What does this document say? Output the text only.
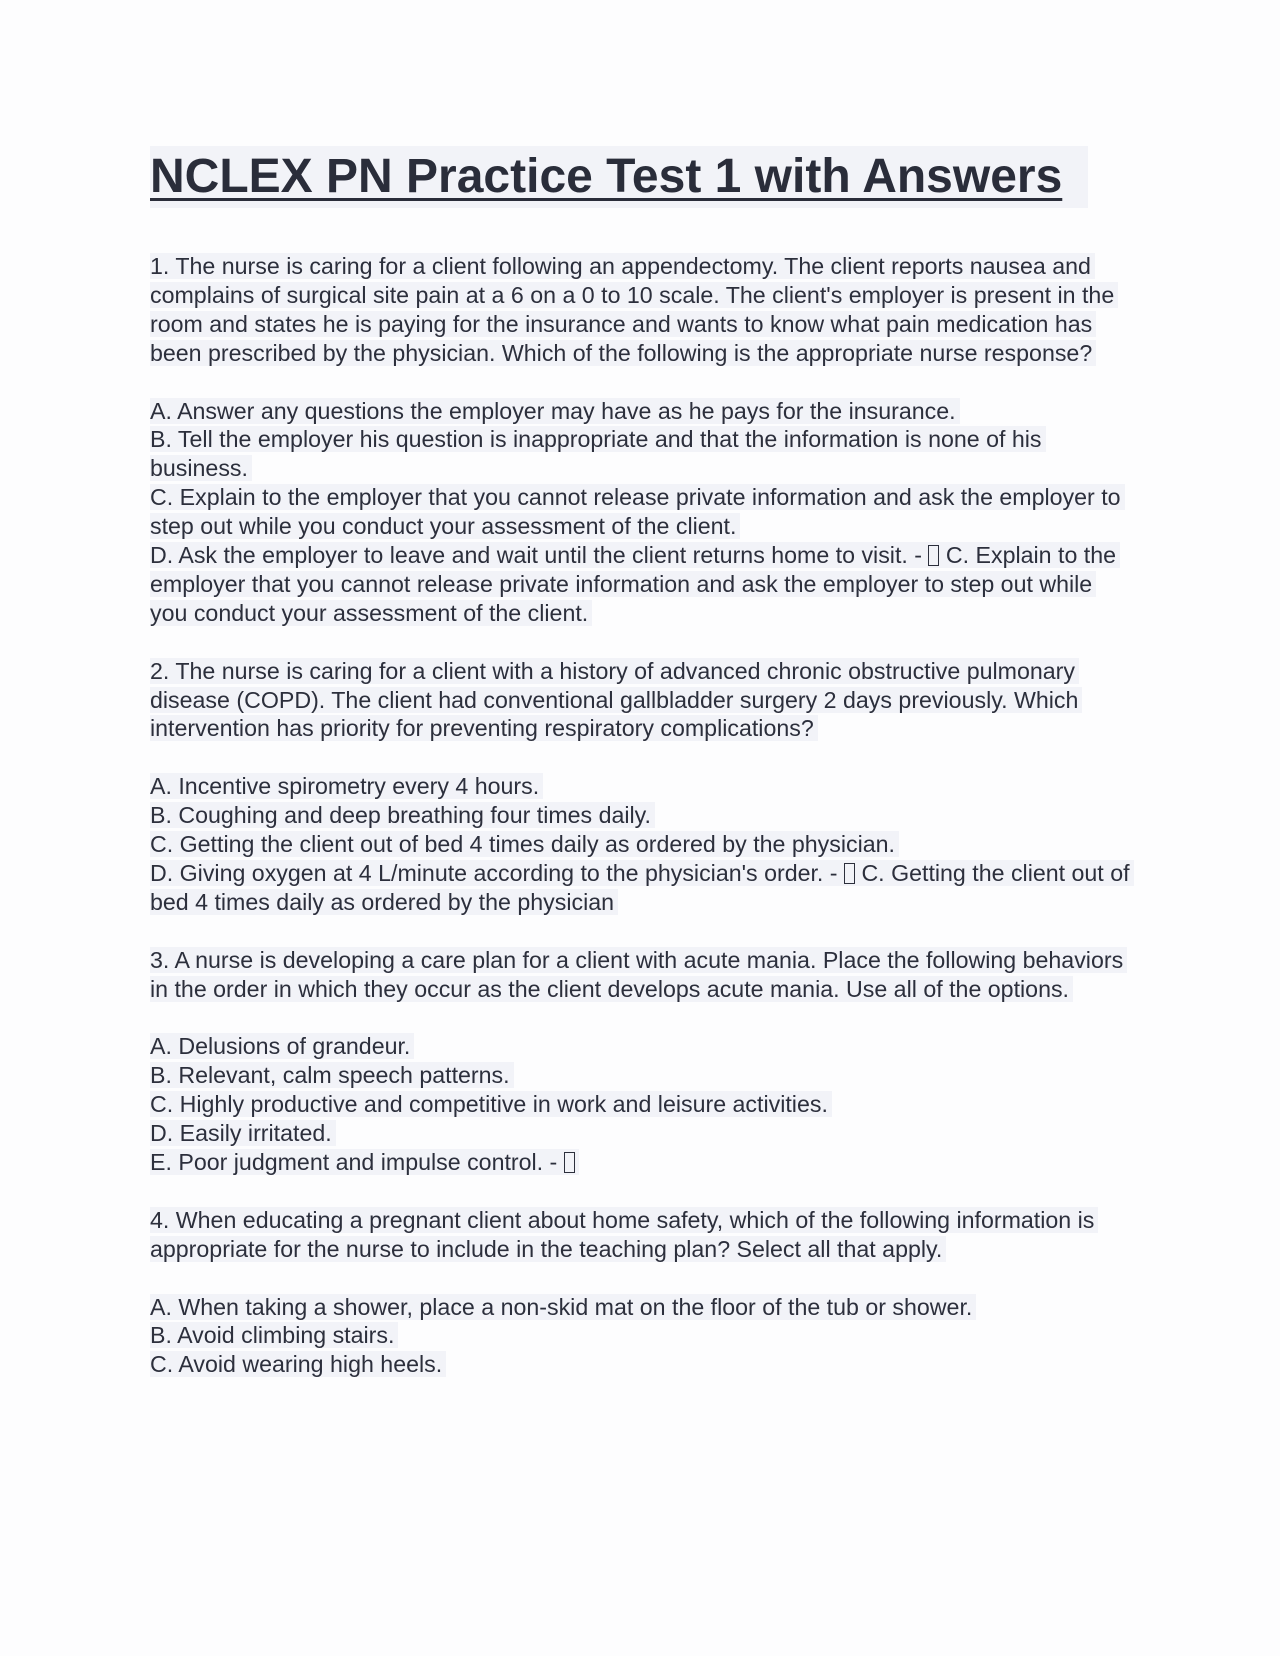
NCLEX PN Practice Test 1 with Answers

1. The nurse is caring for a client following an appendectomy. The client reports nausea and complains of surgical site pain at a 6 on a 0 to 10 scale. The client's employer is present in the room and states he is paying for the insurance and wants to know what pain medication has been prescribed by the physician. Which of the following is the appropriate nurse response?

A. Answer any questions the employer may have as he pays for the insurance.

B. Tell the employer his question is inappropriate and that the information is none of his business.

C. Explain to the employer that you cannot release private information and ask the employer to step out while you conduct your assessment of the client.

D. Ask the employer to leave and wait until the client returns home to visit. -  C. Explain to the employer that you cannot release private information and ask the employer to step out while you conduct your assessment of the client.

2. The nurse is caring for a client with a history of advanced chronic obstructive pulmonary disease (COPD). The client had conventional gallbladder surgery 2 days previously. Which intervention has priority for preventing respiratory complications?

A. Incentive spirometry every 4 hours.

B. Coughing and deep breathing four times daily.

C. Getting the client out of bed 4 times daily as ordered by the physician.

D. Giving oxygen at 4 L/minute according to the physician's order. -  C. Getting the client out of bed 4 times daily as ordered by the physician

3. A nurse is developing a care plan for a client with acute mania. Place the following behaviors in the order in which they occur as the client develops acute mania. Use all of the options.

A. Delusions of grandeur.

B. Relevant, calm speech patterns.

C. Highly productive and competitive in work and leisure activities.

D. Easily irritated.

E. Poor judgment and impulse control. -

4. When educating a pregnant client about home safety, which of the following information is appropriate for the nurse to include in the teaching plan? Select all that apply.

A. When taking a shower, place a non-skid mat on the floor of the tub or shower.

B. Avoid climbing stairs.

C. Avoid wearing high heels.
